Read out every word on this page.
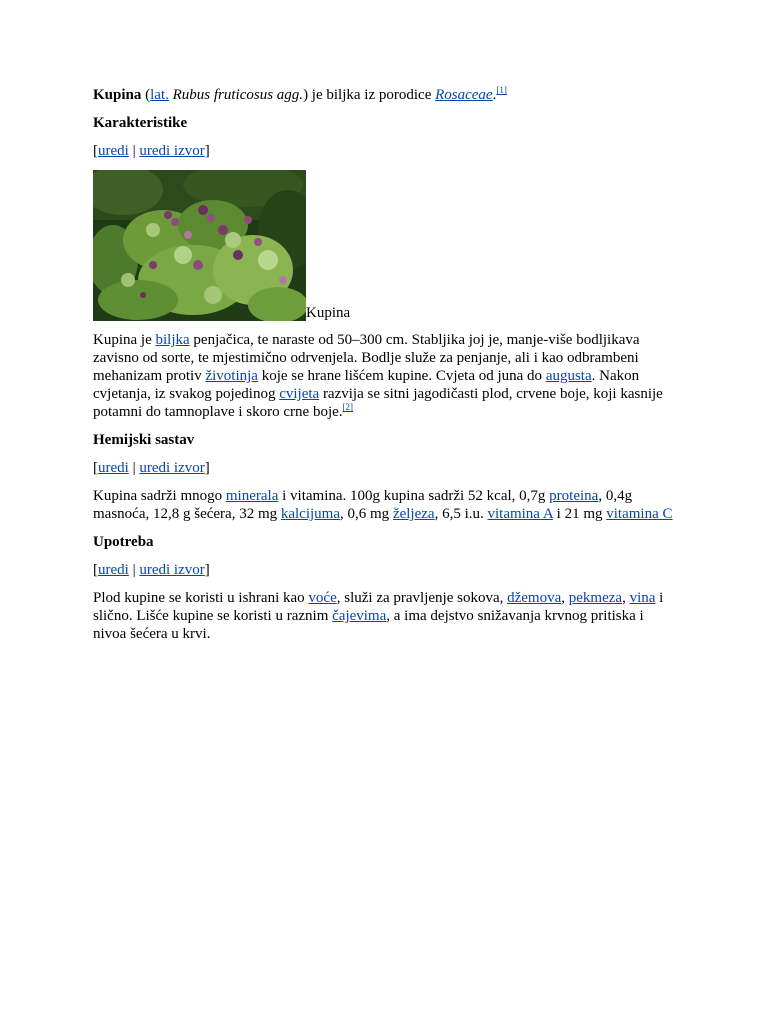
Kupina (lat. Rubus fruticosus agg.) je biljka iz porodice Rosaceae.[1]

Karakteristike

[uredi | uredi izvor]

Kupina

Kupina je biljka penjačica, te naraste od 50–300 cm. Stabljika joj je, manje-više bodljikava zavisno od sorte, te mjestimično odrvenjela. Bodlje služe za penjanje, ali i kao odbrambeni mehanizam protiv životinja koje se hrane lišćem kupine. Cvjeta od juna do augusta. Nakon cvjetanja, iz svakog pojedinog cvijeta razvija se sitni jagodičasti plod, crvene boje, koji kasnije potamni do tamnoplave i skoro crne boje.[2]

Hemijski sastav

[uredi | uredi izvor]

Kupina sadrži mnogo minerala i vitamina. 100g kupina sadrži 52 kcal, 0,7g proteina, 0,4g masnoća, 12,8 g šećera, 32 mg kalcijuma, 0,6 mg željeza, 6,5 i.u. vitamina A i 21 mg vitamina C

Upotreba

[uredi | uredi izvor]

Plod kupine se koristi u ishrani kao voće, služi za pravljenje sokova, džemova, pekmeza, vina i slično. Lišće kupine se koristi u raznim čajevima, a ima dejstvo snižavanja krvnog pritiska i nivoa šećera u krvi.
